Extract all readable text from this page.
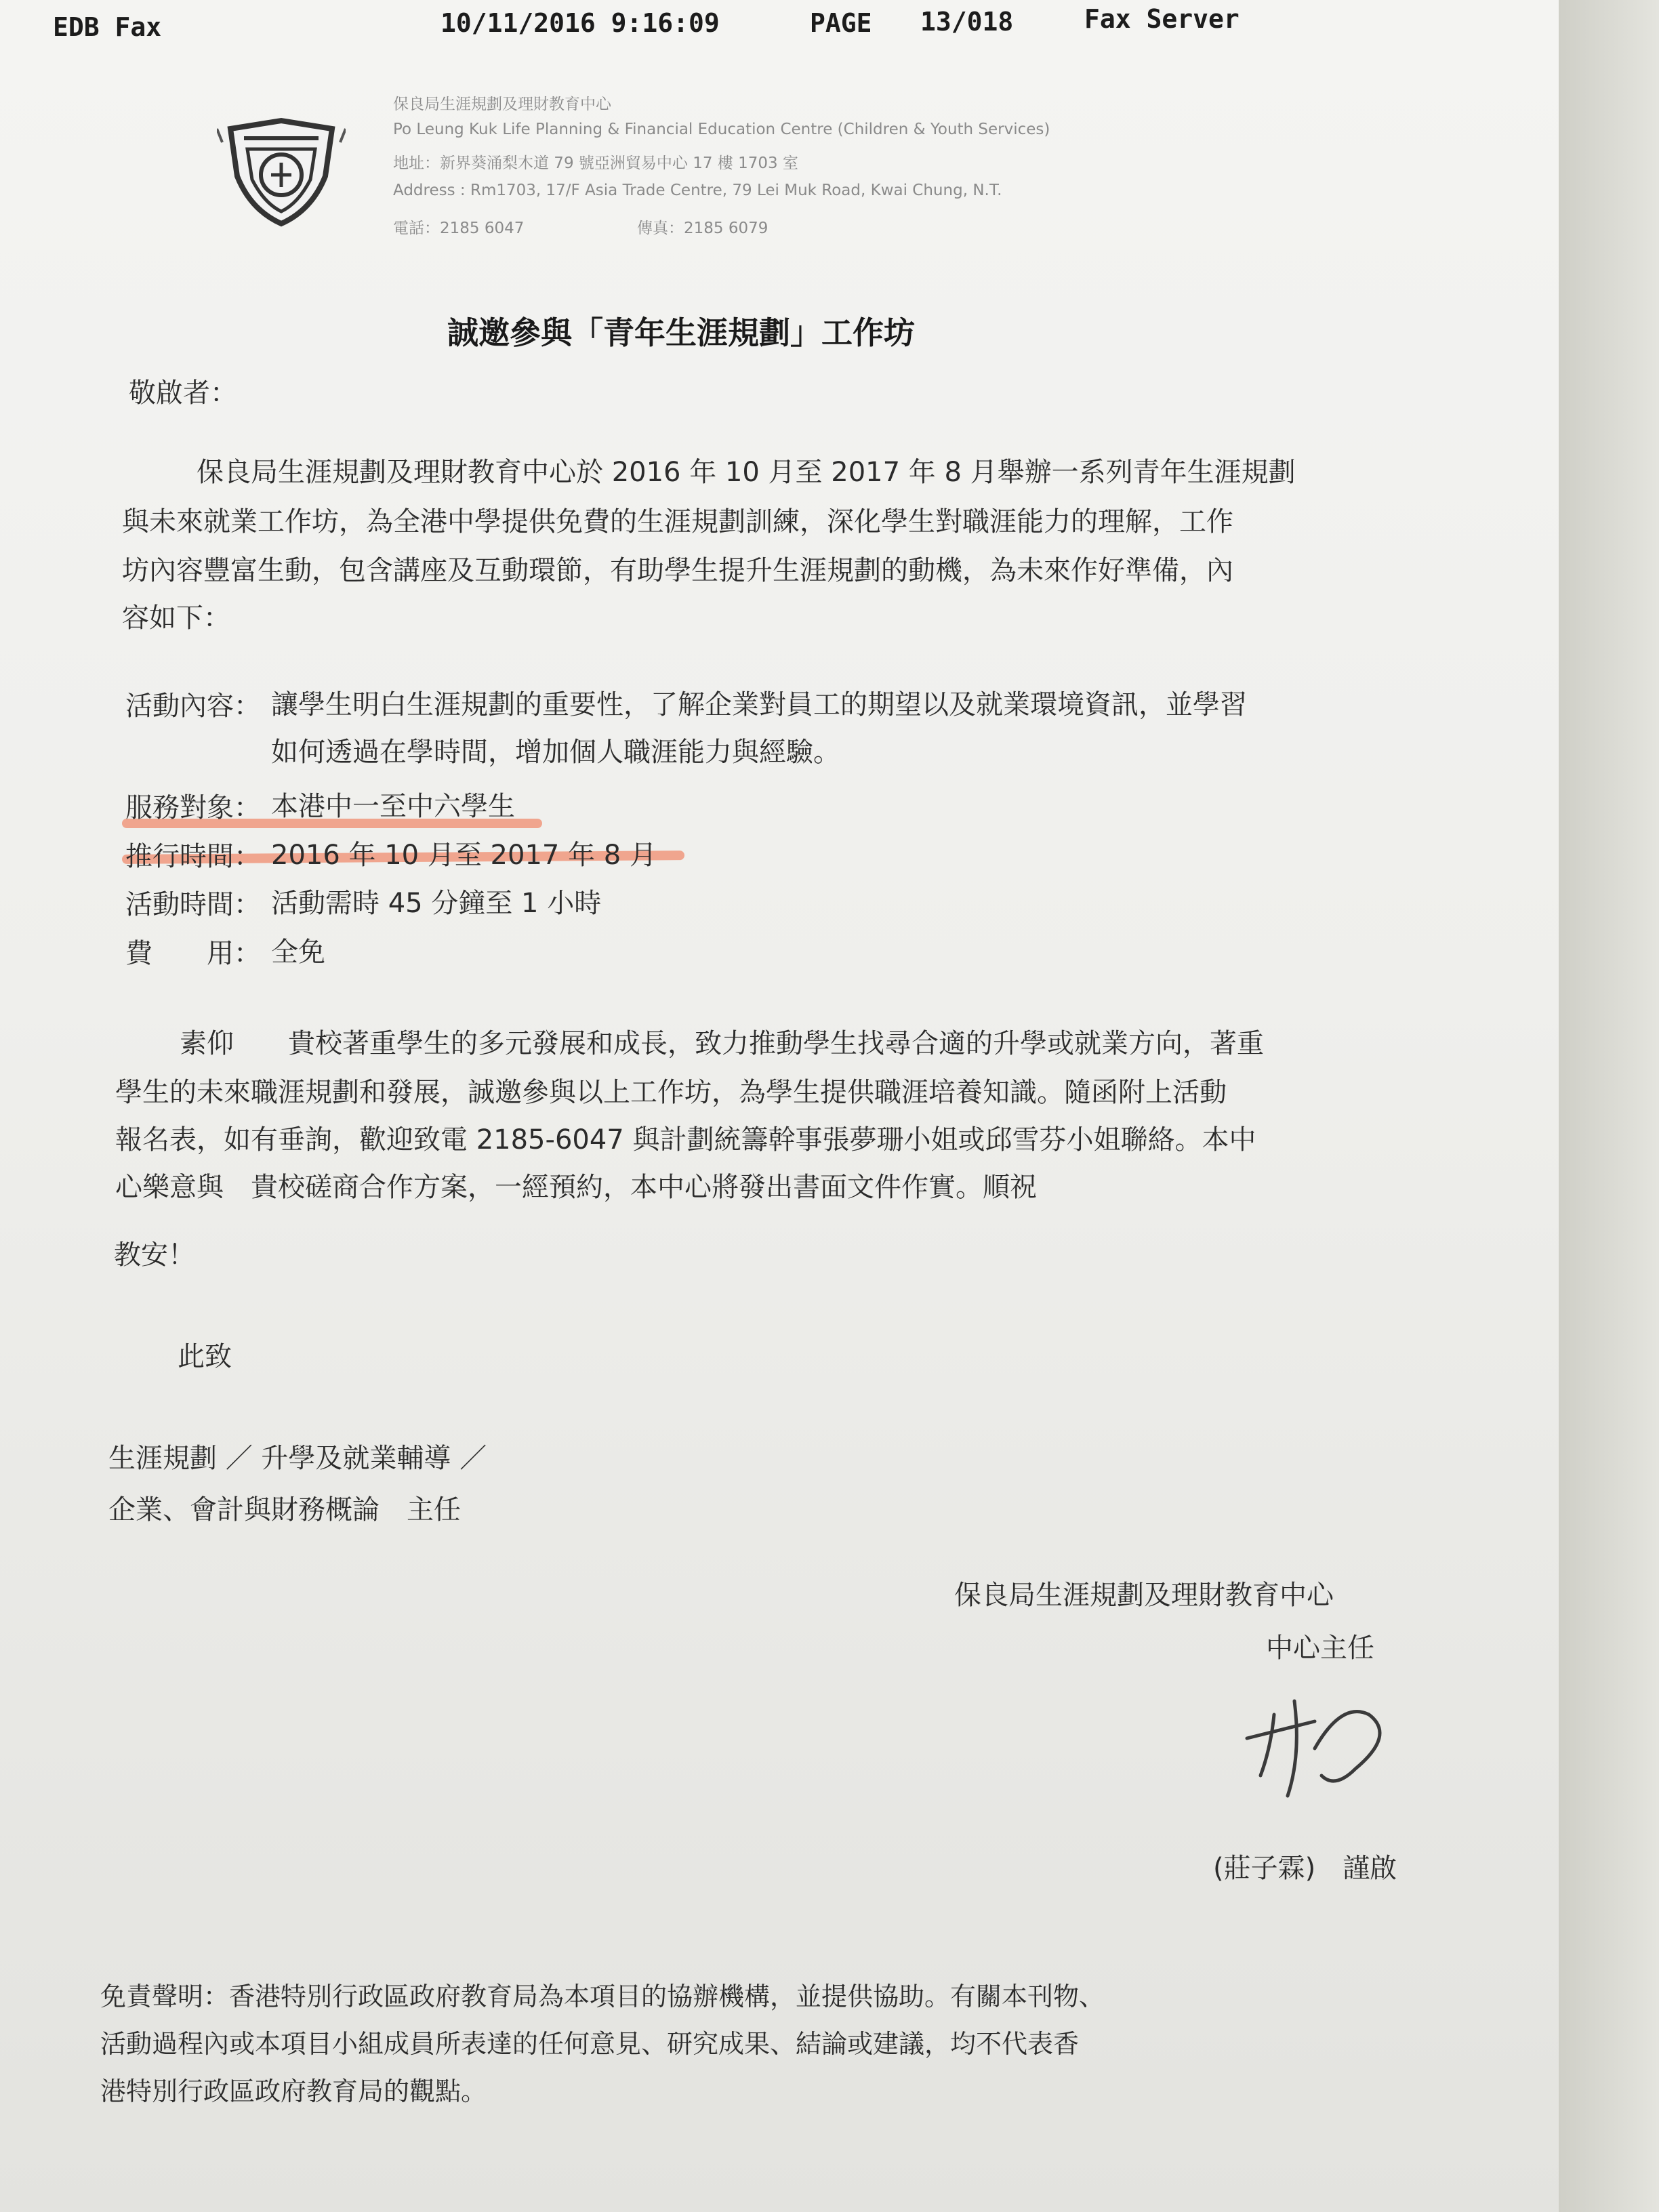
EDB Fax	10/11/2016 9:16:09	PAGE 13/018	Fax Server
保良局生涯規劃及理財教育中心
Po Leung Kuk Life Planning & Financial Education Centre (Children & Youth Services)
地址：新界葵涌梨木道 79 號亞洲貿易中心 17 樓 1703 室
Address : Rm1703, 17/F Asia Trade Centre, 79 Lei Muk Road, Kwai Chung, N.T.
電話：2185 6047	傳真：2185 6079
誠邀參與「青年生涯規劃」工作坊
敬啟者：
保良局生涯規劃及理財教育中心於 2016 年 10 月至 2017 年 8 月舉辦一系列青年生涯規劃
與未來就業工作坊，為全港中學提供免費的生涯規劃訓練，深化學生對職涯能力的理解，工作
坊內容豐富生動，包含講座及互動環節，有助學生提升生涯規劃的動機，為未來作好準備，內
容如下：
活動內容： 讓學生明白生涯規劃的重要性，了解企業對員工的期望以及就業環境資訊，並學習
如何透過在學時間，增加個人職涯能力與經驗。
服務對象： 本港中一至中六學生
推行時間： 2016 年 10 月至 2017 年 8 月
活動時間： 活動需時 45 分鐘至 1 小時
費　　用： 全免
素仰　　貴校著重學生的多元發展和成長，致力推動學生找尋合適的升學或就業方向，著重
學生的未來職涯規劃和發展，誠邀參與以上工作坊，為學生提供職涯培養知識。隨函附上活動
報名表，如有垂詢，歡迎致電 2185-6047 與計劃統籌幹事張夢珊小姐或邱雪芬小姐聯絡。本中
心樂意與　貴校磋商合作方案，一經預約，本中心將發出書面文件作實。順祝
教安！
此致
生涯規劃 ／ 升學及就業輔導 ／
企業、會計與財務概論　主任
保良局生涯規劃及理財教育中心
中心主任
(莊子霖)　謹啟
免責聲明：香港特別行政區政府教育局為本項目的協辦機構，並提供協助。有關本刊物、
活動過程內或本項目小組成員所表達的任何意見、研究成果、結論或建議，均不代表香
港特別行政區政府教育局的觀點。
